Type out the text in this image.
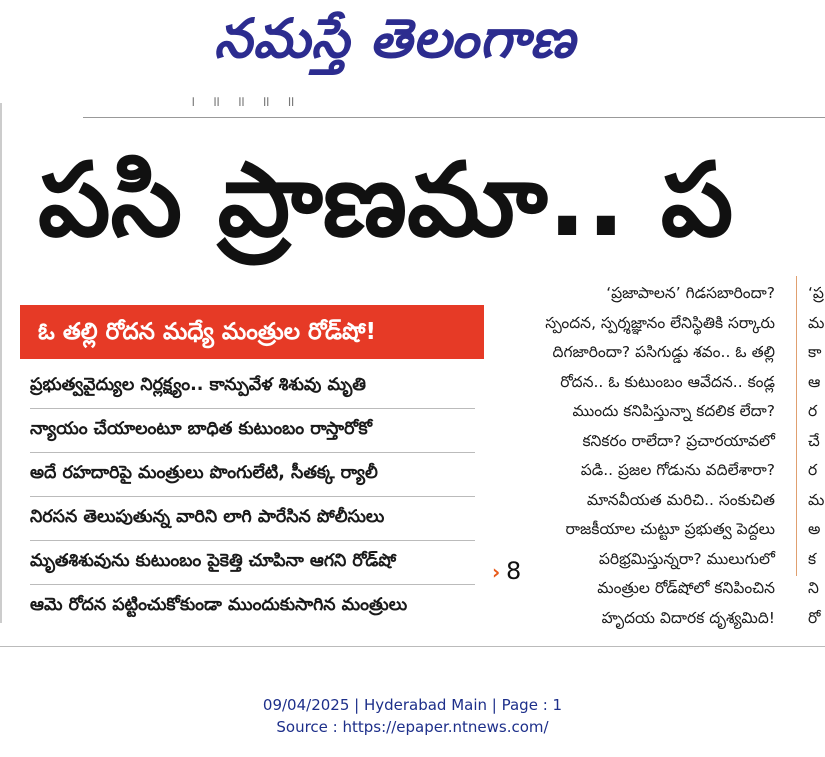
నమస్తే తెలంగాణ
। ॥ ॥ ॥ ॥
పసి ప్రాణమా.. ప
ఓ తల్లి రోదన మధ్యే మంత్రుల రోడ్‌షో!
ప్రభుత్వవైద్యుల నిర్లక్ష్యం.. కాన్పువేళ శిశువు మృతి
న్యాయం చేయాలంటూ బాధిత కుటుంబం రాస్తారోకో
అదే రహదారిపై మంత్రులు పొంగులేటి, సీతక్క ర్యాలీ
నిరసన తెలుపుతున్న వారిని లాగి పారేసిన పోలీసులు
మృతశిశువును కుటుంబం పైకెత్తి చూపినా ఆగని రోడ్‌షో
ఆమె రోదన పట్టించుకోకుండా ముందుకుసాగిన మంత్రులు
‘ప్రజాపాలన’ గిడసబారిందా?
స్పందన, స్పర్శజ్ఞానం లేనిస్థితికి సర్కారు
దిగజారిందా? పసిగుడ్డు శవం.. ఓ తల్లి
రోదన.. ఓ కుటుంబం ఆవేదన.. కండ్ల
ముందు కనిపిస్తున్నా కదలిక లేదా?
కనికరం రాలేదా? ప్రచారయావలో
పడి.. ప్రజల గోడును వదిలేశారా?
మానవీయత మరిచి.. సంకుచిత
రాజకీయాల చుట్టూ ప్రభుత్వ పెద్దలు
పరిభ్రమిస్తున్నరా? ములుగులో
మంత్రుల రోడ్‌షోలో కనిపించిన
హృదయ విదారక దృశ్యమిది!
› 8
‘ప్ర
మ
కా
ఆ
ర
చే
ర
మ
అ
క
ని
రో
09/04/2025 | Hyderabad Main | Page : 1
Source : https://epaper.ntnews.com/
